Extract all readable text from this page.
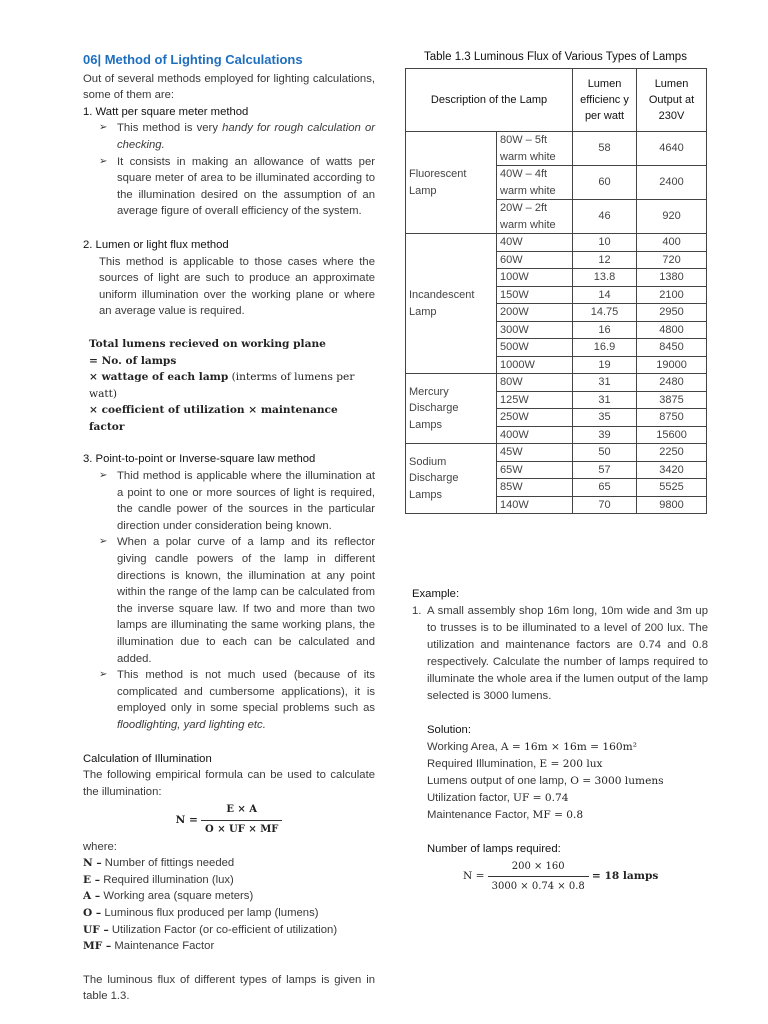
06| Method of Lighting Calculations

Out of several methods employed for lighting calculations, some of them are:

1. Watt per square meter method

➢ This method is very handy for rough calculation or checking.
➢ It consists in making an allowance of watts per square meter of area to be illuminated according to the illumination desired on the assumption of an average figure of overall efficiency of the system.

2. Lumen or light flux method

This method is applicable to those cases where the sources of light are such to produce an approximate uniform illumination over the working plane or where an average value is required.

Total lumens recieved on working plane
= No. of lamps
× wattage of each lamp (interms of lumens per watt)
× coefficient of utilization × maintenance factor

3. Point-to-point or Inverse-square law method

➢ Thid method is applicable where the illumination at a point to one or more sources of light is required, the candle power of the sources in the particular direction under consideration being known.
➢ When a polar curve of a lamp and its reflector giving candle powers of the lamp in different directions is known, the illumination at any point within the range of the lamp can be calculated from the inverse square law. If two and more than two lamps are illuminating the same working plans, the illumination due to each can be calculated and added.
➢ This method is not much used (because of its complicated and cumbersome applications), it is employed only in some special problems such as floodlighting, yard lighting etc.

Calculation of Illumination

The following empirical formula can be used to calculate the illumination:

$N = \frac{E \times A}{O \times UF \times MF}$

where:

N – Number of fittings needed
E – Required illumination (lux)
A – Working area (square meters)
O – Luminous flux produced per lamp (lumens)
UF – Utilization Factor (or co-efficient of utilization)
MF – Maintenance Factor

The luminous flux of different types of lamps is given in table 1.3.

Table 1.3 Luminous Flux of Various Types of Lamps
Description of the Lamp		Lumen efficienc y per watt	Lumen Output at 230V
Fluorescent Lamp	80W – 5ft warm white	58	4640
	40W – 4ft warm white	60	2400
	20W – 2ft warm white	46	920
Incandescent Lamp	40W	10	400
	60W	12	720
	100W	13.8	1380
	150W	14	2100
	200W	14.75	2950
	300W	16	4800
	500W	16.9	8450
	1000W	19	19000
Mercury Discharge Lamps	80W	31	2480
	125W	31	3875
	250W	35	8750
	400W	39	15600
Sodium Discharge Lamps	45W	50	2250
	65W	57	3420
	85W	65	5525
	140W	70	9800

Example:

1. A small assembly shop 16m long, 10m wide and 3m up to trusses is to be illuminated to a level of 200 lux. The utilization and maintenance factors are 0.74 and 0.8 respectively. Calculate the number of lamps required to illuminate the whole area if the lumen output of the lamp selected is 3000 lumens.

Solution:

Working Area, A = 16m × 16m = 160m²
Required Illumination, E = 200 lux
Lumens output of one lamp, O = 3000 lumens
Utilization factor, UF = 0.74
Maintenance Factor, MF = 0.8

Number of lamps required:

$N = \frac{200 \times 160}{3000 \times 0.74 \times 0.8} = 18$ lamps
